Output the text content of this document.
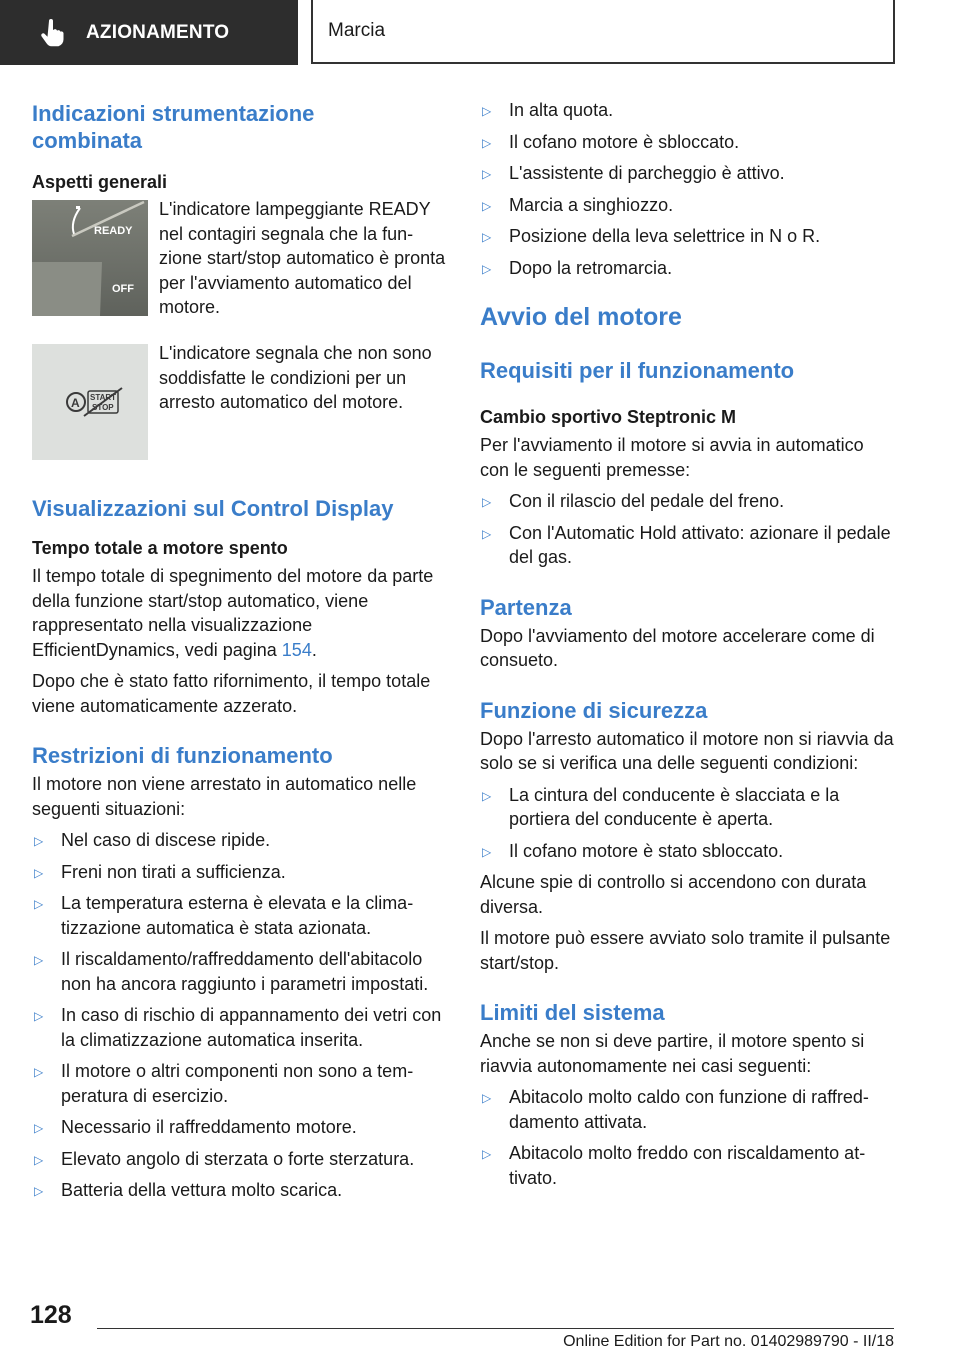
AZIONAMENTO	Marcia
Indicazioni strumentazione combinata
Aspetti generali
READY
OFF

L'indicatore lampeggiante READY nel contagiri segnala che la funzione start/stop automatico è pronta per l'avviamento automatico del motore.

A START
STOP

L'indicatore segnala che non sono soddisfatte le condizioni per un arresto automatico del motore.

Visualizzazioni sul Control Display
Tempo totale a motore spento

Il tempo totale di spegnimento del motore da parte della funzione start/stop automatico, viene rappresentato nella visualizzazione EfficientDynamics, vedi pagina 154.

Dopo che è stato fatto rifornimento, il tempo totale viene automaticamente azzerato.

Restrizioni di funzionamento

Il motore non viene arrestato in automatico nelle seguenti situazioni:

▷ Nel caso di discese ripide.
▷ Freni non tirati a sufficienza.
▷ La temperatura esterna è elevata e la climatizzazione automatica è stata azionata.
▷ Il riscaldamento/raffreddamento dell'abitacolo non ha ancora raggiunto i parametri impostati.
▷ In caso di rischio di appannamento dei vetri con la climatizzazione automatica inserita.
▷ Il motore o altri componenti non sono a temperatura di esercizio.
▷ Necessario il raffreddamento motore.
▷ Elevato angolo di sterzata o forte sterzatura.
▷ Batteria della vettura molto scarica.
▷ In alta quota.
▷ Il cofano motore è sbloccato.
▷ L'assistente di parcheggio è attivo.
▷ Marcia a singhiozzo.
▷ Posizione della leva selettrice in N o R.
▷ Dopo la retromarcia.
Avvio del motore
Requisiti per il funzionamento
Cambio sportivo Steptronic M

Per l'avviamento il motore si avvia in automatico con le seguenti premesse:

▷ Con il rilascio del pedale del freno.
▷ Con l'Automatic Hold attivato: azionare il pedale del gas.
Partenza

Dopo l'avviamento del motore accelerare come di consueto.

Funzione di sicurezza

Dopo l'arresto automatico il motore non si riavvia da solo se si verifica una delle seguenti condizioni:

▷ La cintura del conducente è slacciata e la portiera del conducente è aperta.
▷ Il cofano motore è stato sbloccato.

Alcune spie di controllo si accendono con durata diversa.

Il motore può essere avviato solo tramite il pulsante start/stop.

Limiti del sistema

Anche se non si deve partire, il motore spento si riavvia autonomamente nei casi seguenti:

▷ Abitacolo molto caldo con funzione di raffreddamento attivata.
▷ Abitacolo molto freddo con riscaldamento attivato.
128
Online Edition for Part no. 01402989790 - II/18
